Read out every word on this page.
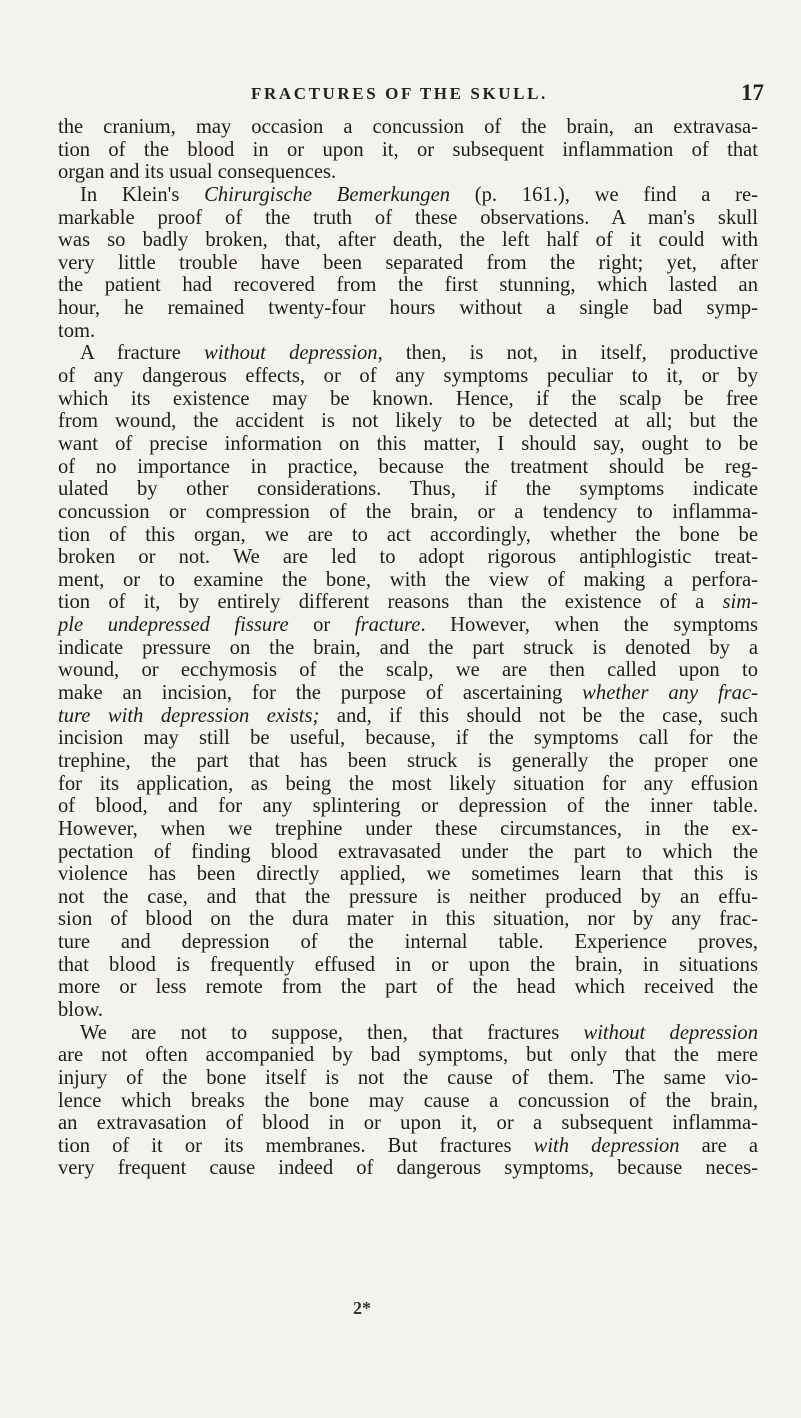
FRACTURES OF THE SKULL.	17
the cranium, may occasion a concussion of the brain, an extravasa-
tion of the blood in or upon it, or subsequent inflammation of that
organ and its usual consequences.
In Klein's Chirurgische Bemerkungen (p. 161.), we find a re-
markable proof of the truth of these observations. A man's skull
was so badly broken, that, after death, the left half of it could with
very little trouble have been separated from the right; yet, after
the patient had recovered from the first stunning, which lasted an
hour, he remained twenty-four hours without a single bad symp-
tom.
A fracture without depression, then, is not, in itself, productive
of any dangerous effects, or of any symptoms peculiar to it, or by
which its existence may be known. Hence, if the scalp be free
from wound, the accident is not likely to be detected at all; but the
want of precise information on this matter, I should say, ought to be
of no importance in practice, because the treatment should be reg-
ulated by other considerations. Thus, if the symptoms indicate
concussion or compression of the brain, or a tendency to inflamma-
tion of this organ, we are to act accordingly, whether the bone be
broken or not. We are led to adopt rigorous antiphlogistic treat-
ment, or to examine the bone, with the view of making a perfora-
tion of it, by entirely different reasons than the existence of a sim-
ple undepressed fissure or fracture. However, when the symptoms
indicate pressure on the brain, and the part struck is denoted by a
wound, or ecchymosis of the scalp, we are then called upon to
make an incision, for the purpose of ascertaining whether any frac-
ture with depression exists; and, if this should not be the case, such
incision may still be useful, because, if the symptoms call for the
trephine, the part that has been struck is generally the proper one
for its application, as being the most likely situation for any effusion
of blood, and for any splintering or depression of the inner table.
However, when we trephine under these circumstances, in the ex-
pectation of finding blood extravasated under the part to which the
violence has been directly applied, we sometimes learn that this is
not the case, and that the pressure is neither produced by an effu-
sion of blood on the dura mater in this situation, nor by any frac-
ture and depression of the internal table. Experience proves,
that blood is frequently effused in or upon the brain, in situations
more or less remote from the part of the head which received the
blow.
We are not to suppose, then, that fractures without depression
are not often accompanied by bad symptoms, but only that the mere
injury of the bone itself is not the cause of them. The same vio-
lence which breaks the bone may cause a concussion of the brain,
an extravasation of blood in or upon it, or a subsequent inflamma-
tion of it or its membranes. But fractures with depression are a
very frequent cause indeed of dangerous symptoms, because neces-
2*
